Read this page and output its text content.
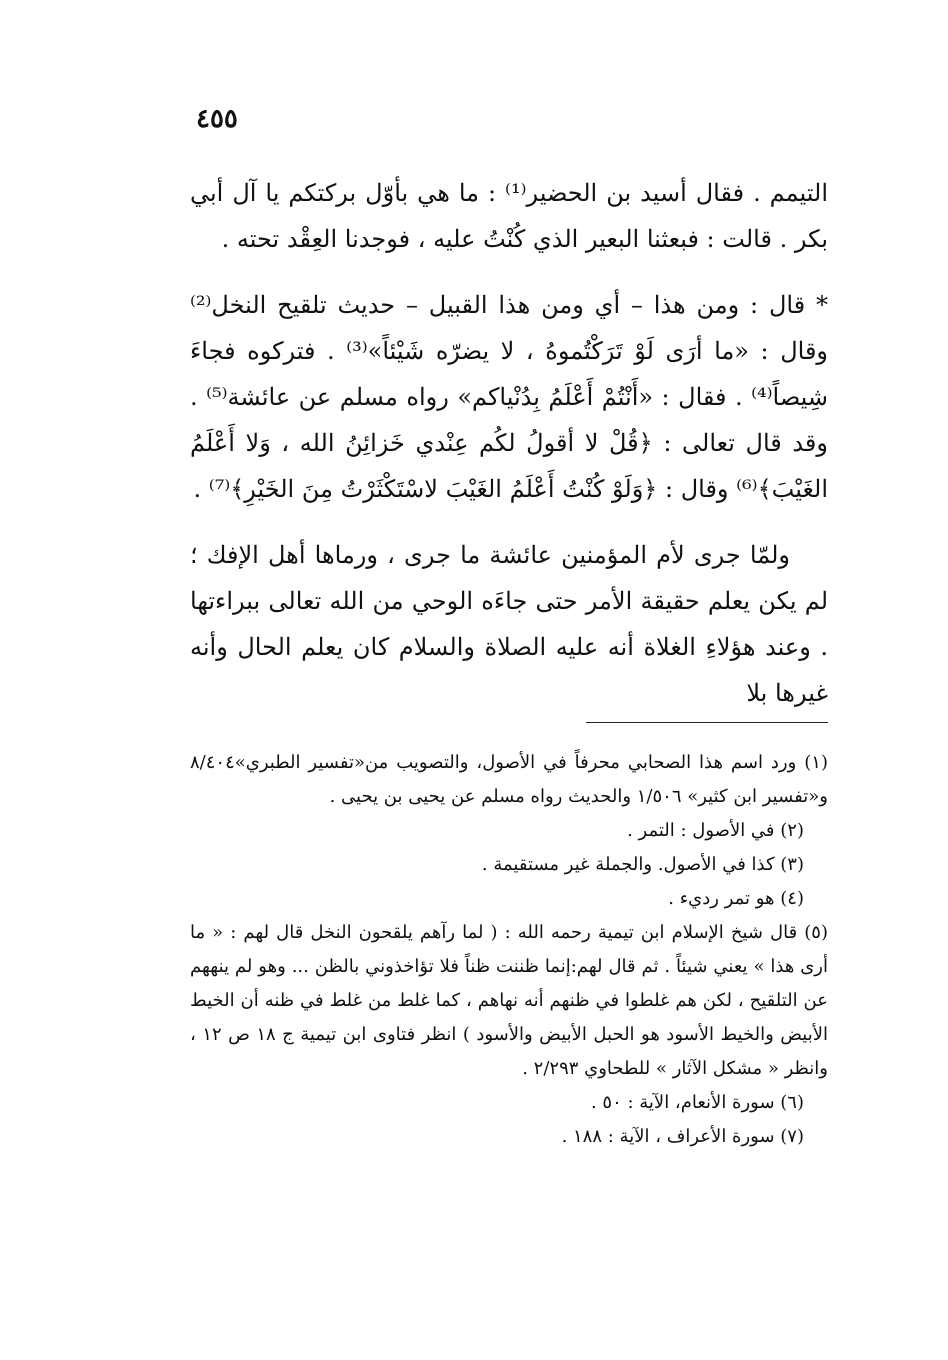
٤٥٥

التيمم . فقال أسيد بن الحضير⁽¹⁾ : ما هي بأوّل بركتكم يا آل أبي بكر . قالت : فبعثنا البعير الذي كُنْتُ عليه ، فوجدنا العِقْد تحته .

* قال : ومن هذا – أي ومن هذا القبيل – حديث تلقيح النخل⁽²⁾ وقال : «ما أرَى لَوْ تَرَكْتُموهُ ، لا يضرّه شَيْئاً»⁽³⁾ . فتركوه فجاءَ شِيصاً⁽⁴⁾ . فقال : «أَنْتُمْ أَعْلَمُ بِدُنْياكم» رواه مسلم عن عائشة⁽⁵⁾ . وقد قال تعالى : ﴿قُلْ لا أقولُ لكُم عِنْدي خَزائِنُ الله ، وَلا أَعْلَمُ الغَيْبَ﴾⁽⁶⁾ وقال : ﴿وَلَوْ كُنْتُ أَعْلَمُ الغَيْبَ لاسْتَكْثَرْتُ مِنَ الخَيْرِ﴾⁽⁷⁾ .

ولمّا جرى لأم المؤمنين عائشة ما جرى ، ورماها أهل الإفك ؛ لم يكن يعلم حقيقة الأمر حتى جاءَه الوحي من الله تعالى ببراءتها . وعند هؤلاءِ الغلاة أنه عليه الصلاة والسلام كان يعلم الحال وأنه غيرها بلا

(١) ورد اسم هذا الصحابي محرفاً في الأصول، والتصويب من«تفسير الطبري»٨/٤٠٤ و«تفسير ابن كثير» ١/٥٠٦ والحديث رواه مسلم عن يحيى بن يحيى .

(٢) في الأصول : التمر .

(٣) كذا في الأصول. والجملة غير مستقيمة .

(٤) هو تمر رديء .

(٥) قال شيخ الإسلام ابن تيمية رحمه الله : ( لما رآهم يلقحون النخل قال لهم : « ما أرى هذا » يعني شيئاً . ثم قال لهم:إنما ظننت ظناً فلا تؤاخذوني بالظن ... وهو لم ينههم عن التلقيح ، لكن هم غلطوا في ظنهم أنه نهاهم ، كما غلط من غلط في ظنه أن الخيط الأبيض والخيط الأسود هو الحبل الأبيض والأسود ) انظر فتاوى ابن تيمية ج ١٨ ص ١٢ ، وانظر « مشكل الآثار » للطحاوي ٢/٢٩٣ .

(٦) سورة الأنعام، الآية : ٥٠ .

(٧) سورة الأعراف ، الآية : ١٨٨ .
